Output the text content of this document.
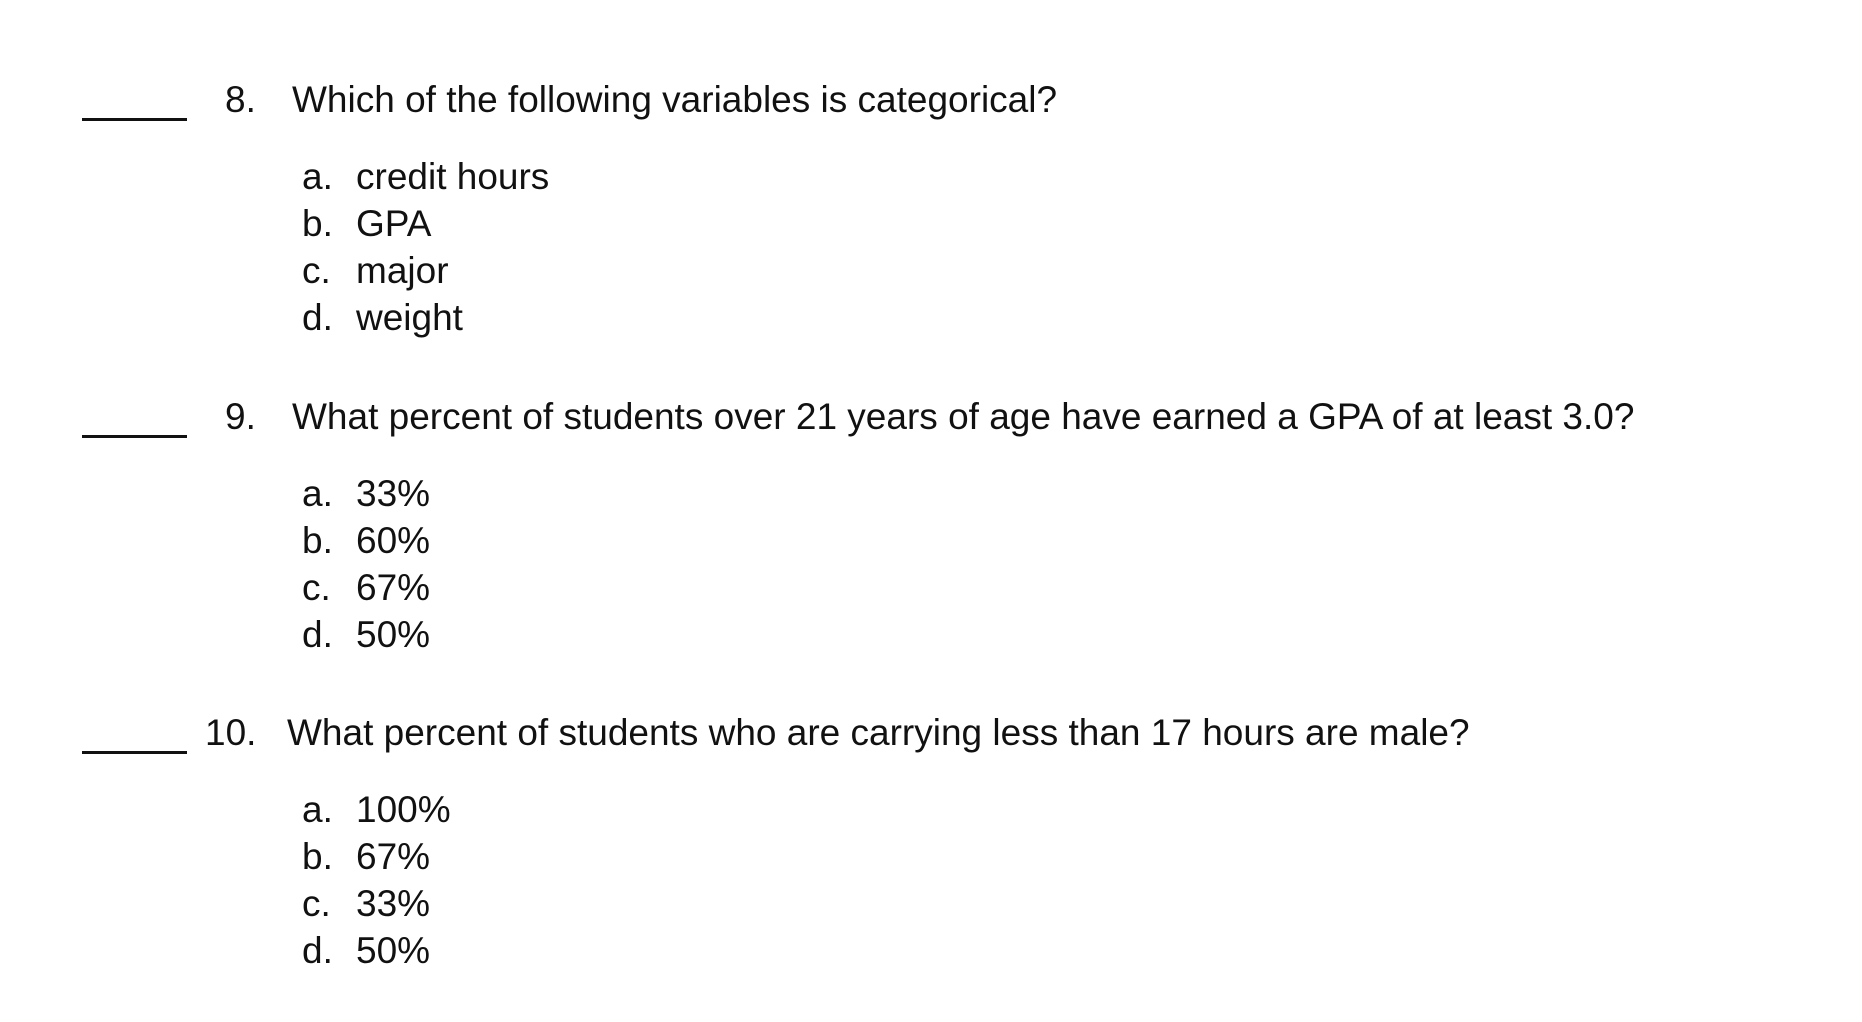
8. Which of the following variables is categorical?
a. credit hours
b. GPA
c. major
d. weight
9. What percent of students over 21 years of age have earned a GPA of at least 3.0?
a. 33%
b. 60%
c. 67%
d. 50%
10. What percent of students who are carrying less than 17 hours are male?
a. 100%
b. 67%
c. 33%
d. 50%
